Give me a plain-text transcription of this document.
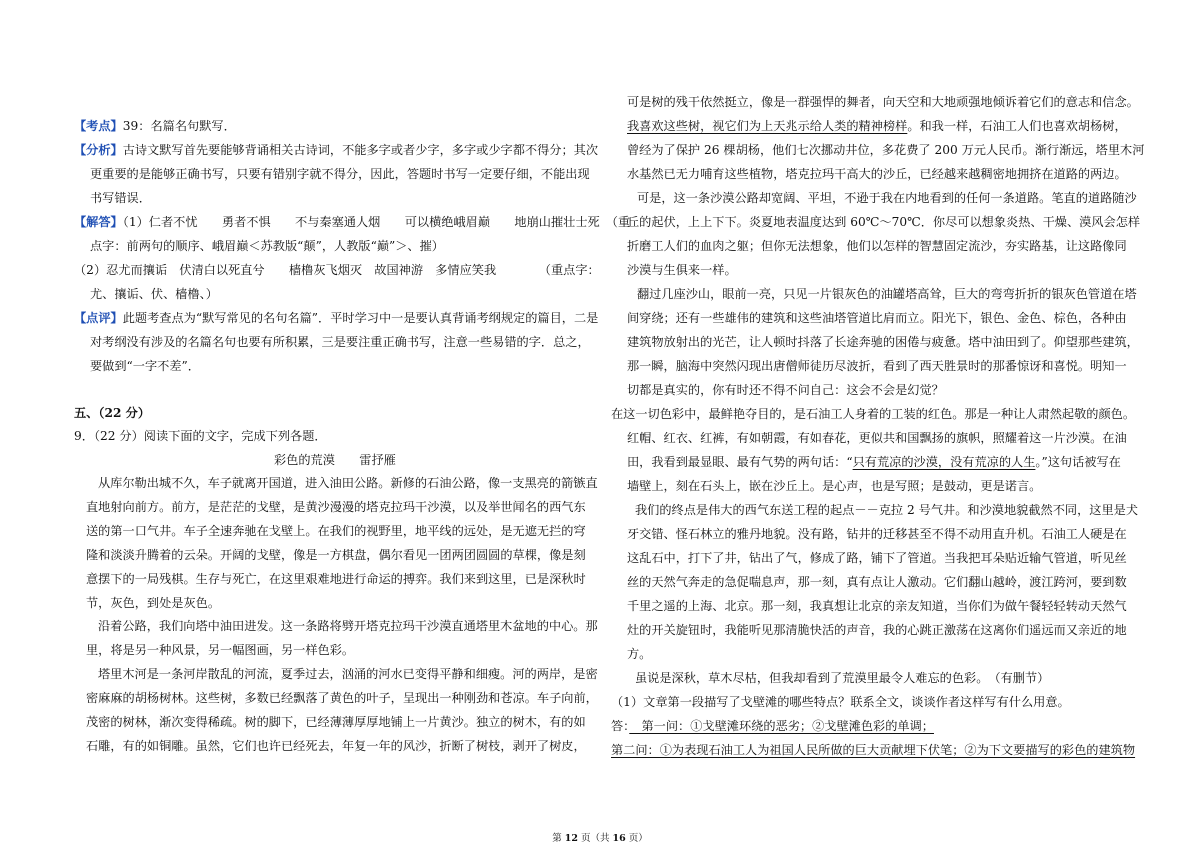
【考点】39：名篇名句默写．
【分析】古诗文默写首先要能够背诵相关古诗词，不能多字或者少字，多字或少字都不得分；其次
更重要的是能够正确书写，只要有错别字就不得分，因此，答题时书写一定要仔细，不能出现
书写错误．
【解答】（1）仁者不忧　　勇者不惧　　不与秦塞通人烟　　可以横绝峨眉巅　　地崩山摧壮士死　（重
点字：前两句的顺序、峨眉巅＜苏教版“颠”，人教版“巅”＞、摧）
（2）忍尤而攘诟　伏清白以死直兮　　樯橹灰飞烟灭　故国神游　多情应笑我　　　　（重点字：
尤、攘诟、伏、樯橹、）
【点评】此题考查点为“默写常见的名句名篇”．平时学习中一是要认真背诵考纲规定的篇目，二是
对考纲没有涉及的名篇名句也要有所积累，三是要注重正确书写，注意一些易错的字．总之，
要做到“一字不差”．
五、（22 分）
9．（22 分）阅读下面的文字，完成下列各题．
彩色的荒漠　　雷抒雁
从库尔勒出城不久，车子就离开国道，进入油田公路。新修的石油公路，像一支黑亮的箭镞直
直地射向前方。前方，是茫茫的戈壁，是黄沙漫漫的塔克拉玛干沙漠，以及举世闻名的西气东
送的第一口气井。车子全速奔驰在戈壁上。在我们的视野里，地平线的远处，是无遮无拦的穹
隆和淡淡升腾着的云朵。开阔的戈壁，像是一方棋盘，偶尔看见一团两团圆圆的草棵，像是刻
意摆下的一局残棋。生存与死亡，在这里艰难地进行命运的搏弈。我们来到这里，已是深秋时
节，灰色，到处是灰色。
沿着公路，我们向塔中油田进发。这一条路将劈开塔克拉玛干沙漠直通塔里木盆地的中心。那
里，将是另一种风景，另一幅图画，另一样色彩。
塔里木河是一条河岸散乱的河流，夏季过去，汹涌的河水已变得平静和细瘦。河的两岸，是密
密麻麻的胡杨树林。这些树，多数已经飘落了黄色的叶子，呈现出一种刚劲和苍凉。车子向前，
茂密的树林，渐次变得稀疏。树的脚下，已经薄薄厚厚地铺上一片黄沙。独立的树木，有的如
石雕，有的如铜雕。虽然，它们也许已经死去，年复一年的风沙，折断了树枝，剥开了树皮，
可是树的残干依然挺立，像是一群强悍的舞者，向天空和大地顽强地倾诉着它们的意志和信念。
我喜欢这些树，视它们为上天兆示给人类的精神榜样。和我一样，石油工人们也喜欢胡杨树，
曾经为了保护 26 棵胡杨，他们七次挪动井位，多花费了 200 万元人民币。渐行渐远，塔里木河
水基然已无力哺育这些植物，塔克拉玛干高大的沙丘，已经越来越稠密地拥挤在道路的两边。
可是，这一条沙漠公路却宽阔、平坦，不逊于我在内地看到的任何一条道路。笔直的道路随沙
丘的起伏，上上下下。炎夏地表温度达到 60℃～70℃．你尽可以想象炎热、干燥、漠风会怎样
折磨工人们的血肉之躯；但你无法想象，他们以怎样的智慧固定流沙，夯实路基，让这路像同
沙漠与生俱来一样。
翻过几座沙山，眼前一亮，只见一片银灰色的油罐塔高耸，巨大的弯弯折折的银灰色管道在塔
间穿绕；还有一些雄伟的建筑和这些油塔管道比肩而立。阳光下，银色、金色、棕色，各种由
建筑物放射出的光芒，让人顿时抖落了长途奔驰的困倦与疲惫。塔中油田到了。仰望那些建筑，
那一瞬，脑海中突然闪现出唐僧师徒历尽波折，看到了西天胜景时的那番惊讶和喜悦。明知一
切都是真实的，你有时还不得不问自己：这会不会是幻觉？
在这一切色彩中，最鲜艳夺目的，是石油工人身着的工装的红色。那是一种让人肃然起敬的颜色。
红帽、红衣、红裤，有如朝霞，有如春花，更似共和国飘扬的旗帜，照耀着这一片沙漠。在油
田，我看到最显眼、最有气势的两句话：“只有荒凉的沙漠，没有荒凉的人生。”这句话被写在
墙壁上，刻在石头上，嵌在沙丘上。是心声，也是写照；是鼓动，更是诺言。
我们的终点是伟大的西气东送工程的起点－－克拉 2 号气井。和沙漠地貌截然不同，这里是犬
牙交错、怪石林立的雅丹地貌。没有路，钻井的迁移甚至不得不动用直升机。石油工人硬是在
这乱石中，打下了井，钻出了气，修成了路，铺下了管道。当我把耳朵贴近输气管道，听见丝
丝的天然气奔走的急促喘息声，那一刻，真有点让人激动。它们翻山越岭，渡江跨河，要到数
千里之遥的上海、北京。那一刻，我真想让北京的亲友知道，当你们为做午餐轻轻转动天然气
灶的开关旋钮时，我能听见那清脆快活的声音，我的心跳正激荡在这离你们遥远而又亲近的地
方。
虽说是深秋，草木尽枯，但我却看到了荒漠里最令人难忘的色彩。　（有删节）
（1）文章第一段描写了戈壁滩的哪些特点？联系全文，谈谈作者这样写有什么用意。
答：　第一问：①戈壁滩环绕的恶劣；②戈壁滩色彩的单调；
第二问：①为表现石油工人为祖国人民所做的巨大贡献埋下伏笔；②为下文要描写的彩色的建筑物
第 12 页（共 16 页）
